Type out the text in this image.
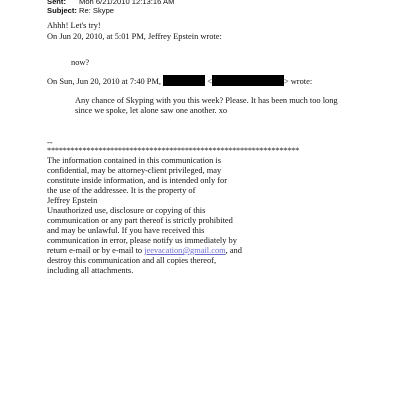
Sent: Mon 6/21/2010 12:13:16 AM
Subject: Re: Skype
Ahhh! Let's try!
On Jun 20, 2010, at 5:01 PM, Jeffrey Epstein wrote:
now?
On Sun, Jun 20, 2010 at 7:40 PM,	<	> wrote:
Any chance of Skyping with you this week? Please. It has been much too long
since we spoke, let alone saw one another. xo
--
****************************************************************
The information contained in this communication is
confidential, may be attorney-client privileged, may
constitute inside information, and is intended only for
the use of the addressee. It is the property of
Jeffrey Epstein
Unauthorized use, disclosure or copying of this
communication or any part thereof is strictly prohibited
and may be unlawful. If you have received this
communication in error, please notify us immediately by
return e-mail or by e-mail to jeevacation@gmail.com, and
destroy this communication and all copies thereof,
including all attachments.
